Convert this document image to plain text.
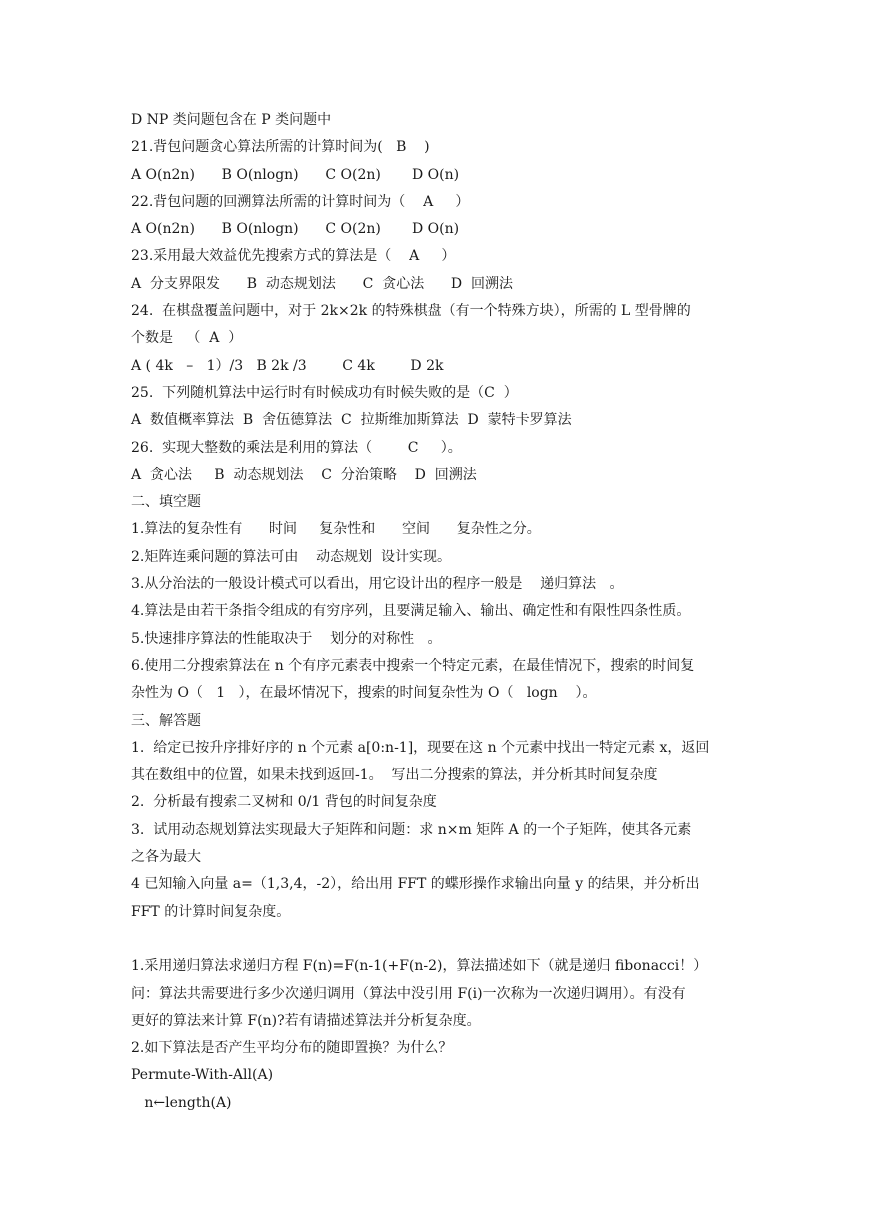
D NP 类问题包含在 P 类问题中
21.背包问题贪心算法所需的计算时间为(   B    )
A O(n2n)      B O(nlogn)      C O(2n)       D O(n)
22.背包问题的回溯算法所需的计算时间为（    A     ）
A O(n2n)      B O(nlogn)      C O(2n)       D O(n)
23.采用最大效益优先搜索方式的算法是（    A     ）
A  分支界限发      B  动态规划法      C  贪心法      D  回溯法
24.  在棋盘覆盖问题中，对于 2k×2k 的特殊棋盘（有一个特殊方块），所需的 L 型骨牌的
个数是   （  A  ）
A ( 4k   –   1）/3   B 2k /3        C 4k        D 2k
25.  下列随机算法中运行时有时候成功有时候失败的是（C  ）
A  数值概率算法  B  舍伍德算法  C  拉斯维加斯算法  D  蒙特卡罗算法
26.  实现大整数的乘法是利用的算法（        C     ）。
A  贪心法     B  动态规划法    C  分治策略    D  回溯法
二、填空题
1.算法的复杂性有      时间     复杂性和      空间      复杂性之分。
2.矩阵连乘问题的算法可由    动态规划  设计实现。
3.从分治法的一般设计模式可以看出，用它设计出的程序一般是    递归算法   。
4.算法是由若干条指令组成的有穷序列，且要满足输入、输出、确定性和有限性四条性质。
5.快速排序算法的性能取决于    划分的对称性   。
6.使用二分搜索算法在 n 个有序元素表中搜索一个特定元素，在最佳情况下，搜索的时间复
杂性为 O（   1   ），在最坏情况下，搜索的时间复杂性为 O（   logn    ）。
三、解答题
1.  给定已按升序排好序的 n 个元素 a[0:n-1]，现要在这 n 个元素中找出一特定元素 x，返回
其在数组中的位置，如果未找到返回-1。  写出二分搜索的算法，并分析其时间复杂度
2.  分析最有搜索二叉树和 0/1 背包的时间复杂度
3.  试用动态规划算法实现最大子矩阵和问题：求 n×m 矩阵 A 的一个子矩阵，使其各元素
之各为最大
4 已知输入向量 a=（1,3,4，-2），给出用 FFT 的蝶形操作求输出向量 y 的结果，并分析出
FFT 的计算时间复杂度。
1.采用递归算法求递归方程 F(n)=F(n-1(+F(n-2)，算法描述如下（就是递归 fibonacci！）
问：算法共需要进行多少次递归调用（算法中没引用 F(i)一次称为一次递归调用）。有没有
更好的算法来计算 F(n)?若有请描述算法并分析复杂度。
2.如下算法是否产生平均分布的随即置换？为什么？
Permute-With-All(A)
n←length(A)
